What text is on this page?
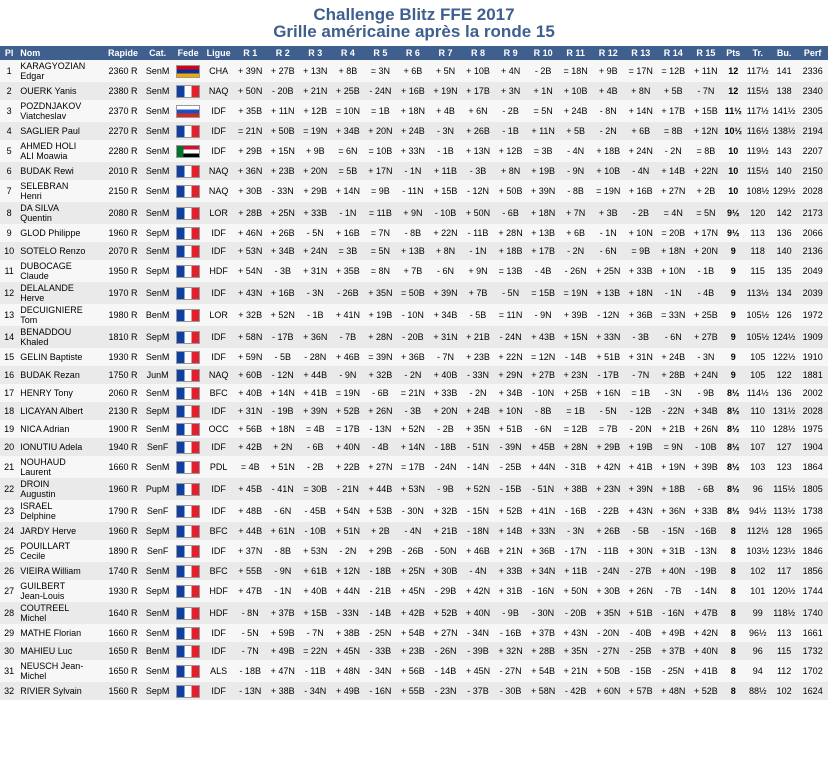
Challenge Blitz FFE 2017
Grille américaine après la ronde 15
Pl	Nom	Rapide	Cat.	Fede	Ligue	R 1	R 2	R 3	R 4	R 5	R 6	R 7	R 8	R 9	R 10	R 11	R 12	R 13	R 14	R 15	Pts	Tr.	Bu.	Perf
1	KARAGYOZIAN
Edgar	2360 R	SenM		CHA	+ 39N	+ 27B	+ 13N	+ 8B	= 3N	+ 6B	+ 5N	+ 10B	+ 4N	- 2B	= 18N	+ 9B	= 17N	= 12B	+ 11N	12	117½	141	2336
2	OUERK Yanis	2380 R	SenM		NAQ	+ 50N	- 20B	+ 21N	+ 25B	- 24N	+ 16B	+ 19N	+ 17B	+ 3N	+ 1N	+ 10B	+ 4B	+ 8N	+ 5B	- 7N	12	115½	138	2340
3	POZDNJAKOV
Viatcheslav	2370 R	SenM		IDF	+ 35B	+ 11N	+ 12B	= 10N	= 1B	+ 18N	+ 4B	+ 6N	- 2B	= 5N	+ 24B	- 8N	+ 14N	+ 17B	+ 15B	11½	117½	141½	2305
4	SAGLIER Paul	2270 R	SenM		IDF	= 21N	+ 50B	= 19N	+ 34B	+ 20N	+ 24B	- 3N	+ 26B	- 1B	+ 11N	+ 5B	- 2N	+ 6B	= 8B	+ 12N	10½	116½	138½	2194
5	AHMED HOLI
ALI Moawia	2280 R	SenM		IDF	+ 29B	+ 15N	+ 9B	= 6N	= 10B	+ 33N	- 1B	+ 13N	+ 12B	= 3B	- 4N	+ 18B	+ 24N	- 2N	= 8B	10	119½	143	2207
6	BUDAK Rewi	2010 R	SenM		NAQ	+ 36N	+ 23B	+ 20N	= 5B	+ 17N	- 1N	+ 11B	- 3B	+ 8N	+ 19B	- 9N	+ 10B	- 4N	+ 14B	+ 22N	10	115½	140	2150
7	SELEBRAN
Henri	2150 R	SenM		NAQ	+ 30B	- 33N	+ 29B	+ 14N	= 9B	- 11N	+ 15B	- 12N	+ 50B	+ 39N	- 8B	= 19N	+ 16B	+ 27N	+ 2B	10	108½	129½	2028
8	DA SILVA
Quentin	2080 R	SenM		LOR	+ 28B	+ 25N	+ 33B	- 1N	= 11B	+ 9N	- 10B	+ 50N	- 6B	+ 18N	+ 7N	+ 3B	- 2B	= 4N	= 5N	9½	120	142	2173
9	GLOD Philippe	1960 R	SepM		IDF	+ 46N	+ 26B	- 5N	+ 16B	= 7N	- 8B	+ 22N	- 11B	+ 28N	+ 13B	+ 6B	- 1N	+ 10N	= 20B	+ 17N	9½	113	136	2066
10	SOTELO Renzo	2070 R	SenM		IDF	+ 53N	+ 34B	+ 24N	= 3B	= 5N	+ 13B	+ 8N	- 1N	+ 18B	+ 17B	- 2N	- 6N	= 9B	+ 18N	+ 20N	9	118	140	2136
11	DUBOCAGE
Claude	1950 R	SepM		HDF	+ 54N	- 3B	+ 31N	+ 35B	= 8N	+ 7B	- 6N	+ 9N	= 13B	- 4B	- 26N	+ 25N	+ 33B	+ 10N	- 1B	9	115	135	2049
12	DELALANDE
Herve	1970 R	SenM		IDF	+ 43N	+ 16B	- 3N	- 26B	+ 35N	= 50B	+ 39N	+ 7B	- 5N	= 15B	= 19N	+ 13B	+ 18N	- 1N	- 4B	9	113½	134	2039
13	DECUIGNIERE
Tom	1980 R	BenM		LOR	+ 32B	+ 52N	- 1B	+ 41N	+ 19B	- 10N	+ 34B	- 5B	= 11N	- 9N	+ 39B	- 12N	+ 36B	= 33N	+ 25B	9	105½	126	1972
14	BENADDOU
Khaled	1810 R	SepM		IDF	+ 58N	- 17B	+ 36N	- 7B	+ 28N	- 20B	+ 31N	+ 21B	- 24N	+ 43B	+ 15N	+ 33N	- 3B	- 6N	+ 27B	9	105½	124½	1909
15	GELIN Baptiste	1930 R	SenM		IDF	+ 59N	- 5B	- 28N	+ 46B	= 39N	+ 36B	- 7N	+ 23B	+ 22N	= 12N	- 14B	+ 51B	+ 31N	+ 24B	- 3N	9	105	122½	1910
16	BUDAK Rezan	1750 R	JunM		NAQ	+ 60B	- 12N	+ 44B	- 9N	+ 32B	- 2N	+ 40B	- 33N	+ 29N	+ 27B	+ 23N	- 17B	- 7N	+ 28B	+ 24N	9	105	122	1881
17	HENRY Tony	2060 R	SenM		BFC	+ 40B	+ 14N	+ 41B	= 19N	- 6B	= 21N	+ 33B	- 2N	+ 34B	- 10N	+ 25B	+ 16N	= 1B	- 3N	- 9B	8½	114½	136	2002
18	LICAYAN Albert	2130 R	SepM		IDF	+ 31N	- 19B	+ 39N	+ 52B	+ 26N	- 3B	+ 20N	+ 24B	+ 10N	- 8B	= 1B	- 5N	- 12B	- 22N	+ 34B	8½	110	131½	2028
19	NICA Adrian	1900 R	SenM		OCC	+ 56B	+ 18N	= 4B	= 17B	- 13N	+ 52N	- 2B	+ 35N	+ 51B	- 6N	= 12B	= 7B	- 20N	+ 21B	+ 26N	8½	110	128½	1975
20	IONUTIU Adela	1940 R	SenF		IDF	+ 42B	+ 2N	- 6B	+ 40N	- 4B	+ 14N	- 18B	- 51N	- 39N	+ 45B	+ 28N	+ 29B	+ 19B	= 9N	- 10B	8½	107	127	1904
21	NOUHAUD
Laurent	1660 R	SenM		PDL	= 4B	+ 51N	- 2B	+ 22B	+ 27N	= 17B	- 24N	- 14N	- 25B	+ 44N	- 31B	+ 42N	+ 41B	+ 19N	+ 39B	8½	103	123	1864
22	DROIN
Augustin	1960 R	PupM		IDF	+ 45B	- 41N	= 30B	- 21N	+ 44B	+ 53N	- 9B	+ 52N	- 15B	- 51N	+ 38B	+ 23N	+ 39N	+ 18B	- 6B	8½	96	115½	1805
23	ISRAEL
Delphine	1790 R	SenF		IDF	+ 48B	- 6N	- 45B	+ 54N	+ 53B	- 30N	+ 32B	- 15N	+ 52B	+ 41N	- 16B	- 22B	+ 43N	+ 36N	+ 33B	8½	94½	113½	1738
24	JARDY Herve	1960 R	SepM		BFC	+ 44B	+ 61N	- 10B	+ 51N	+ 2B	- 4N	+ 21B	- 18N	+ 14B	+ 33N	- 3N	+ 26B	- 5B	- 15N	- 16B	8	112½	128	1965
25	POUILLART
Cecile	1890 R	SenF		IDF	+ 37N	- 8B	+ 53N	- 2N	+ 29B	- 26B	- 50N	+ 46B	+ 21N	+ 36B	- 17N	- 11B	+ 30N	+ 31B	- 13N	8	103½	123½	1846
26	VIEIRA William	1740 R	SenM		BFC	+ 55B	- 9N	+ 61B	+ 12N	- 18B	+ 25N	+ 30B	- 4N	+ 33B	+ 34N	+ 11B	- 24N	- 27B	+ 40N	- 19B	8	102	117	1856
27	GUILBERT
Jean-Louis	1930 R	SepM		HDF	+ 47B	- 1N	+ 40B	+ 44N	- 21B	+ 45N	- 29B	+ 42N	+ 31B	- 16N	+ 50N	+ 30B	+ 26N	- 7B	- 14N	8	101	120½	1744
28	COUTREEL
Michel	1640 R	SenM		HDF	- 8N	+ 37B	+ 15B	- 33N	- 14B	+ 42B	+ 52B	+ 40N	- 9B	- 30N	- 20B	+ 35N	+ 51B	- 16N	+ 47B	8	99	118½	1740
29	MATHE Florian	1660 R	SenM		IDF	- 5N	+ 59B	- 7N	+ 38B	- 25N	+ 54B	+ 27N	- 34N	- 16B	+ 37B	+ 43N	- 20N	- 40B	+ 49B	+ 42N	8	96½	113	1661
30	MAHIEU Luc	1650 R	BenM		IDF	- 7N	+ 49B	= 22N	+ 45N	- 33B	+ 23B	- 26N	- 39B	+ 32N	+ 28B	+ 35N	- 27N	- 25B	+ 37B	+ 40N	8	96	115	1732
31	NEUSCH Jean-
Michel	1650 R	SenM		ALS	- 18B	+ 47N	- 11B	+ 48N	- 34N	+ 56B	- 14B	+ 45N	- 27N	+ 54B	+ 21N	+ 50B	- 15B	- 25N	+ 41B	8	94	112	1702
32	RIVIER Sylvain	1560 R	SepM		IDF	- 13N	+ 38B	- 34N	+ 49B	- 16N	+ 55B	- 23N	- 37B	- 30B	+ 58N	- 42B	+ 60N	+ 57B	+ 48N	+ 52B	8	88½	102	1624
